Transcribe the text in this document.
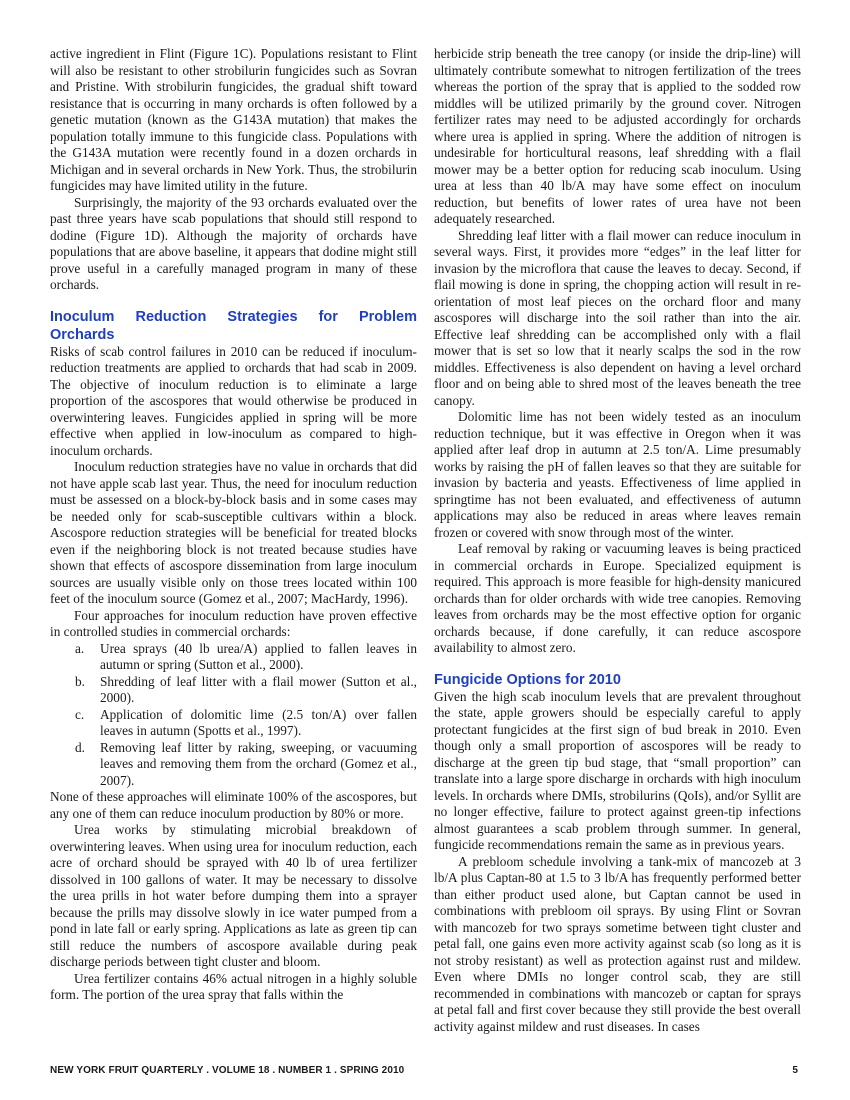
active ingredient in Flint (Figure 1C). Populations resistant to Flint will also be resistant to other strobilurin fungicides such as Sovran and Pristine. With strobilurin fungicides, the gradual shift toward resistance that is occurring in many orchards is often followed by a genetic mutation (known as the G143A mutation) that makes the population totally immune to this fungicide class. Populations with the G143A mutation were recently found in a dozen orchards in Michigan and in several orchards in New York. Thus, the strobilurin fungicides may have limited utility in the future.

Surprisingly, the majority of the 93 orchards evaluated over the past three years have scab populations that should still respond to dodine (Figure 1D). Although the majority of orchards have populations that are above baseline, it appears that dodine might still prove useful in a carefully managed program in many of these orchards.

Inoculum Reduction Strategies for Problem Orchards

Risks of scab control failures in 2010 can be reduced if inoculum-reduction treatments are applied to orchards that had scab in 2009. The objective of inoculum reduction is to eliminate a large proportion of the ascospores that would otherwise be produced in overwintering leaves. Fungicides applied in spring will be more effective when applied in low-inoculum as compared to high-inoculum orchards.

Inoculum reduction strategies have no value in orchards that did not have apple scab last year. Thus, the need for inoculum reduction must be assessed on a block-by-block basis and in some cases may be needed only for scab-susceptible cultivars within a block. Ascospore reduction strategies will be beneficial for treated blocks even if the neighboring block is not treated because studies have shown that effects of ascospore dissemination from large inoculum sources are usually visible only on those trees located within 100 feet of the inoculum source (Gomez et al., 2007; MacHardy, 1996).

Four approaches for inoculum reduction have proven effective in controlled studies in commercial orchards:

a. Urea sprays (40 lb urea/A) applied to fallen leaves in autumn or spring (Sutton et al., 2000).
b. Shredding of leaf litter with a flail mower (Sutton et al., 2000).
c. Application of dolomitic lime (2.5 ton/A) over fallen leaves in autumn (Spotts et al., 1997).
d. Removing leaf litter by raking, sweeping, or vacuuming leaves and removing them from the orchard (Gomez et al., 2007).

None of these approaches will eliminate 100% of the ascospores, but any one of them can reduce inoculum production by 80% or more.

Urea works by stimulating microbial breakdown of overwintering leaves. When using urea for inoculum reduction, each acre of orchard should be sprayed with 40 lb of urea fertilizer dissolved in 100 gallons of water. It may be necessary to dissolve the urea prills in hot water before dumping them into a sprayer because the prills may dissolve slowly in ice water pumped from a pond in late fall or early spring. Applications as late as green tip can still reduce the numbers of ascospore available during peak discharge periods between tight cluster and bloom.

Urea fertilizer contains 46% actual nitrogen in a highly soluble form. The portion of the urea spray that falls within the

herbicide strip beneath the tree canopy (or inside the drip-line) will ultimately contribute somewhat to nitrogen fertilization of the trees whereas the portion of the spray that is applied to the sodded row middles will be utilized primarily by the ground cover. Nitrogen fertilizer rates may need to be adjusted accordingly for orchards where urea is applied in spring. Where the addition of nitrogen is undesirable for horticultural reasons, leaf shredding with a flail mower may be a better option for reducing scab inoculum. Using urea at less than 40 lb/A may have some effect on inoculum reduction, but benefits of lower rates of urea have not been adequately researched.

Shredding leaf litter with a flail mower can reduce inoculum in several ways. First, it provides more “edges” in the leaf litter for invasion by the microflora that cause the leaves to decay. Second, if flail mowing is done in spring, the chopping action will result in re-orientation of most leaf pieces on the orchard floor and many ascospores will discharge into the soil rather than into the air. Effective leaf shredding can be accomplished only with a flail mower that is set so low that it nearly scalps the sod in the row middles. Effectiveness is also dependent on having a level orchard floor and on being able to shred most of the leaves beneath the tree canopy.

Dolomitic lime has not been widely tested as an inoculum reduction technique, but it was effective in Oregon when it was applied after leaf drop in autumn at 2.5 ton/A. Lime presumably works by raising the pH of fallen leaves so that they are suitable for invasion by bacteria and yeasts. Effectiveness of lime applied in springtime has not been evaluated, and effectiveness of autumn applications may also be reduced in areas where leaves remain frozen or covered with snow through most of the winter.

Leaf removal by raking or vacuuming leaves is being practiced in commercial orchards in Europe. Specialized equipment is required. This approach is more feasible for high-density manicured orchards than for older orchards with wide tree canopies. Removing leaves from orchards may be the most effective option for organic orchards because, if done carefully, it can reduce ascospore availability to almost zero.

Fungicide Options for 2010

Given the high scab inoculum levels that are prevalent throughout the state, apple growers should be especially careful to apply protectant fungicides at the first sign of bud break in 2010. Even though only a small proportion of ascospores will be ready to discharge at the green tip bud stage, that “small proportion” can translate into a large spore discharge in orchards with high inoculum levels. In orchards where DMIs, strobilurins (QoIs), and/or Syllit are no longer effective, failure to protect against green-tip infections almost guarantees a scab problem through summer. In general, fungicide recommendations remain the same as in previous years.

A prebloom schedule involving a tank-mix of mancozeb at 3 lb/A plus Captan-80 at 1.5 to 3 lb/A has frequently performed better than either product used alone, but Captan cannot be used in combinations with prebloom oil sprays. By using Flint or Sovran with mancozeb for two sprays sometime between tight cluster and petal fall, one gains even more activity against scab (so long as it is not stroby resistant) as well as protection against rust and mildew. Even where DMIs no longer control scab, they are still recommended in combinations with mancozeb or captan for sprays at petal fall and first cover because they still provide the best overall activity against mildew and rust diseases. In cases

NEW YORK FRUIT QUARTERLY . VOLUME 18 . NUMBER 1 . SPRING 2010	5
